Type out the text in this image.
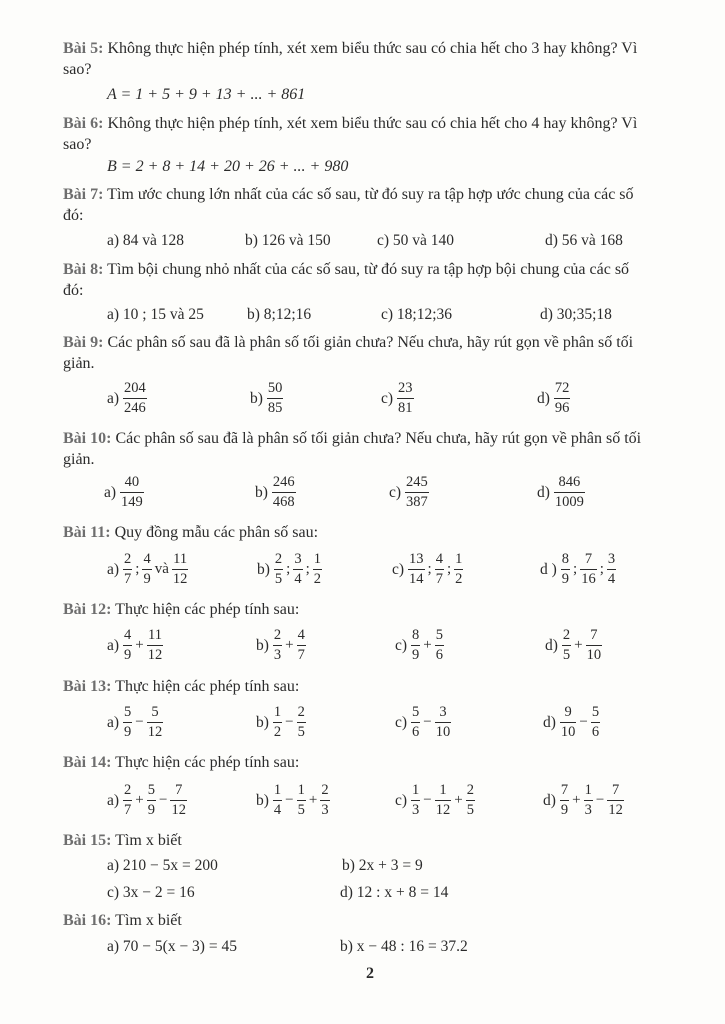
Bài 5: Không thực hiện phép tính, xét xem biểu thức sau có chia hết cho 3 hay không? Vì
sao?
A = 1 + 5 + 9 + 13 + ... + 861
Bài 6: Không thực hiện phép tính, xét xem biểu thức sau có chia hết cho 4 hay không? Vì
sao?
B = 2 + 8 + 14 + 20 + 26 + ... + 980
Bài 7: Tìm ước chung lớn nhất của các số sau, từ đó suy ra tập hợp ước chung của các số
đó:
a) 84 và 128	b) 126 và 150	c) 50 và 140	d) 56 và 168
Bài 8: Tìm bội chung nhỏ nhất của các số sau, từ đó suy ra tập hợp bội chung của các số
đó:
a) 10 ; 15 và 25	b) 8;12;16	c) 18;12;36	d) 30;35;18
Bài 9: Các phân số sau đã là phân số tối giản chưa? Nếu chưa, hãy rút gọn về phân số tối
giản.
$a) \frac{204}{246}$	$b) \frac{50}{85}$	$c) \frac{23}{81}$	$d) \frac{72}{96}$
Bài 10: Các phân số sau đã là phân số tối giản chưa? Nếu chưa, hãy rút gọn về phân số tối
giản.
$a) \frac{40}{149}$	$b) \frac{246}{468}$	$c) \frac{245}{387}$	$d) \frac{846}{1009}$
Bài 11: Quy đồng mẫu các phân số sau:
$a) \frac{2}{7}$ ; $\frac{4}{9}$ và $\frac{11}{12}$	$b) \frac{2}{5}$ ; $\frac{3}{4}$ ; $\frac{1}{2}$	$c) \frac{13}{14}$ ; $\frac{4}{7}$ ; $\frac{1}{2}$	d ) $\frac{8}{9}$ ; $\frac{7}{16}$ ; $\frac{3}{4}$
Bài 12: Thực hiện các phép tính sau:
$a) \frac{4}{9} + \frac{11}{12}$	$b) \frac{2}{3} + \frac{4}{7}$	$c) \frac{8}{9} + \frac{5}{6}$	$d) \frac{2}{5} + \frac{7}{10}$
Bài 13: Thực hiện các phép tính sau:
$a) \frac{5}{9} - \frac{5}{12}$	$b) \frac{1}{2} - \frac{2}{5}$	$c) \frac{5}{6} - \frac{3}{10}$	$d) \frac{9}{10} - \frac{5}{6}$
Bài 14: Thực hiện các phép tính sau:
$a) \frac{2}{7} + \frac{5}{9} - \frac{7}{12}$	$b) \frac{1}{4} - \frac{1}{5} + \frac{2}{3}$	$c) \frac{1}{3} - \frac{1}{12} + \frac{2}{5}$	$d) \frac{7}{9} + \frac{1}{3} - \frac{7}{12}$
Bài 15: Tìm x biết
a) 210 − 5x = 200	b) 2x + 3 = 9
c) 3x − 2 = 16	d) 12 : x + 8 = 14
Bài 16: Tìm x biết
a) 70 − 5(x − 3) = 45	b) x − 48 : 16 = 37.2
2
